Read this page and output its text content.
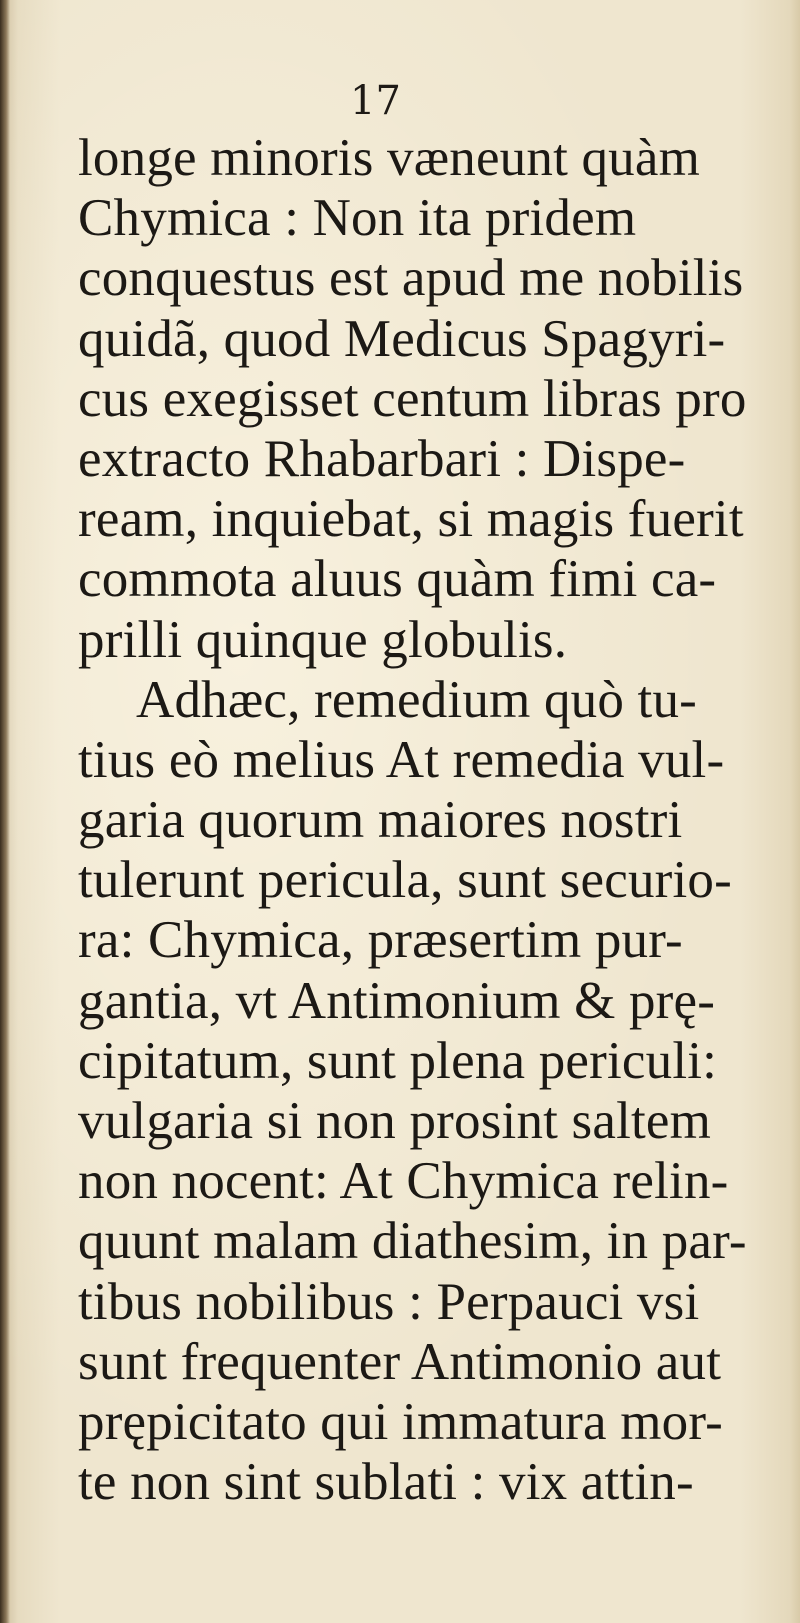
17
longe minoris væneunt quàm
Chymica : Non ita pridem
conquestus est apud me nobilis
quidã, quod Medicus Spagyri-
cus exegisset centum libras pro
extracto Rhabarbari : Dispe-
ream, inquiebat, si magis fuerit
commota aluus quàm fimi ca-
prilli quinque globulis.
Adhæc, remedium quò tu-
tius eò melius At remedia vul-
garia quorum maiores nostri
tulerunt pericula, sunt securio-
ra: Chymica, præsertim pur-
gantia, vt Antimonium & prę-
cipitatum, sunt plena periculi:
vulgaria si non prosint saltem
non nocent: At Chymica relin-
quunt malam diathesim, in par-
tibus nobilibus : Perpauci vsi
sunt frequenter Antimonio aut
prępicitato qui immatura mor-
te non sint sublati : vix attin-
